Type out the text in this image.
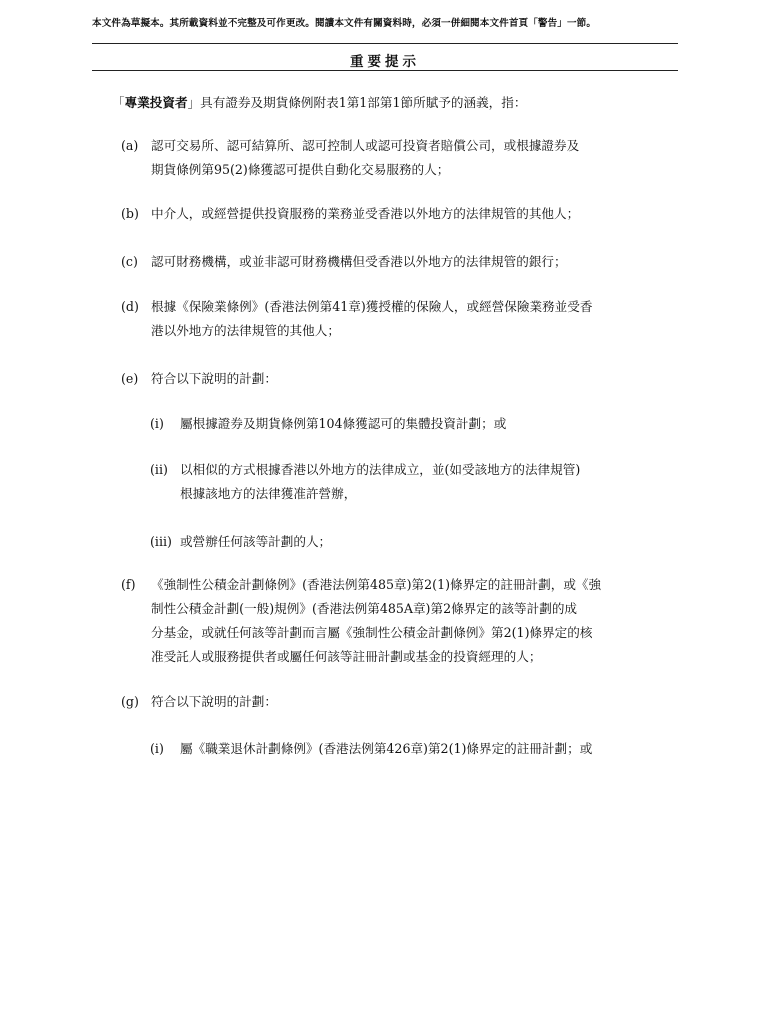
本文件為草擬本。其所載資料並不完整及可作更改。閱讀本文件有關資料時，必須一併細閱本文件首頁「警告」一節。
重要提示
「專業投資者」具有證券及期貨條例附表1第1部第1節所賦予的涵義，指：
(a) 認可交易所、認可結算所、認可控制人或認可投資者賠償公司，或根據證券及
期貨條例第95(2)條獲認可提供自動化交易服務的人；
(b) 中介人，或經營提供投資服務的業務並受香港以外地方的法律規管的其他人；
(c) 認可財務機構，或並非認可財務機構但受香港以外地方的法律規管的銀行；
(d) 根據《保險業條例》(香港法例第41章)獲授權的保險人，或經營保險業務並受香
港以外地方的法律規管的其他人；
(e) 符合以下說明的計劃：
(i) 屬根據證券及期貨條例第104條獲認可的集體投資計劃；或
(ii) 以相似的方式根據香港以外地方的法律成立，並(如受該地方的法律規管)
根據該地方的法律獲准許營辦，
(iii) 或營辦任何該等計劃的人；
(f) 《強制性公積金計劃條例》(香港法例第485章)第2(1)條界定的註冊計劃，或《強
制性公積金計劃(一般)規例》(香港法例第485A章)第2條界定的該等計劃的成
分基金，或就任何該等計劃而言屬《強制性公積金計劃條例》第2(1)條界定的核
准受託人或服務提供者或屬任何該等註冊計劃或基金的投資經理的人；
(g) 符合以下說明的計劃：
(i) 屬《職業退休計劃條例》(香港法例第426章)第2(1)條界定的註冊計劃；或
